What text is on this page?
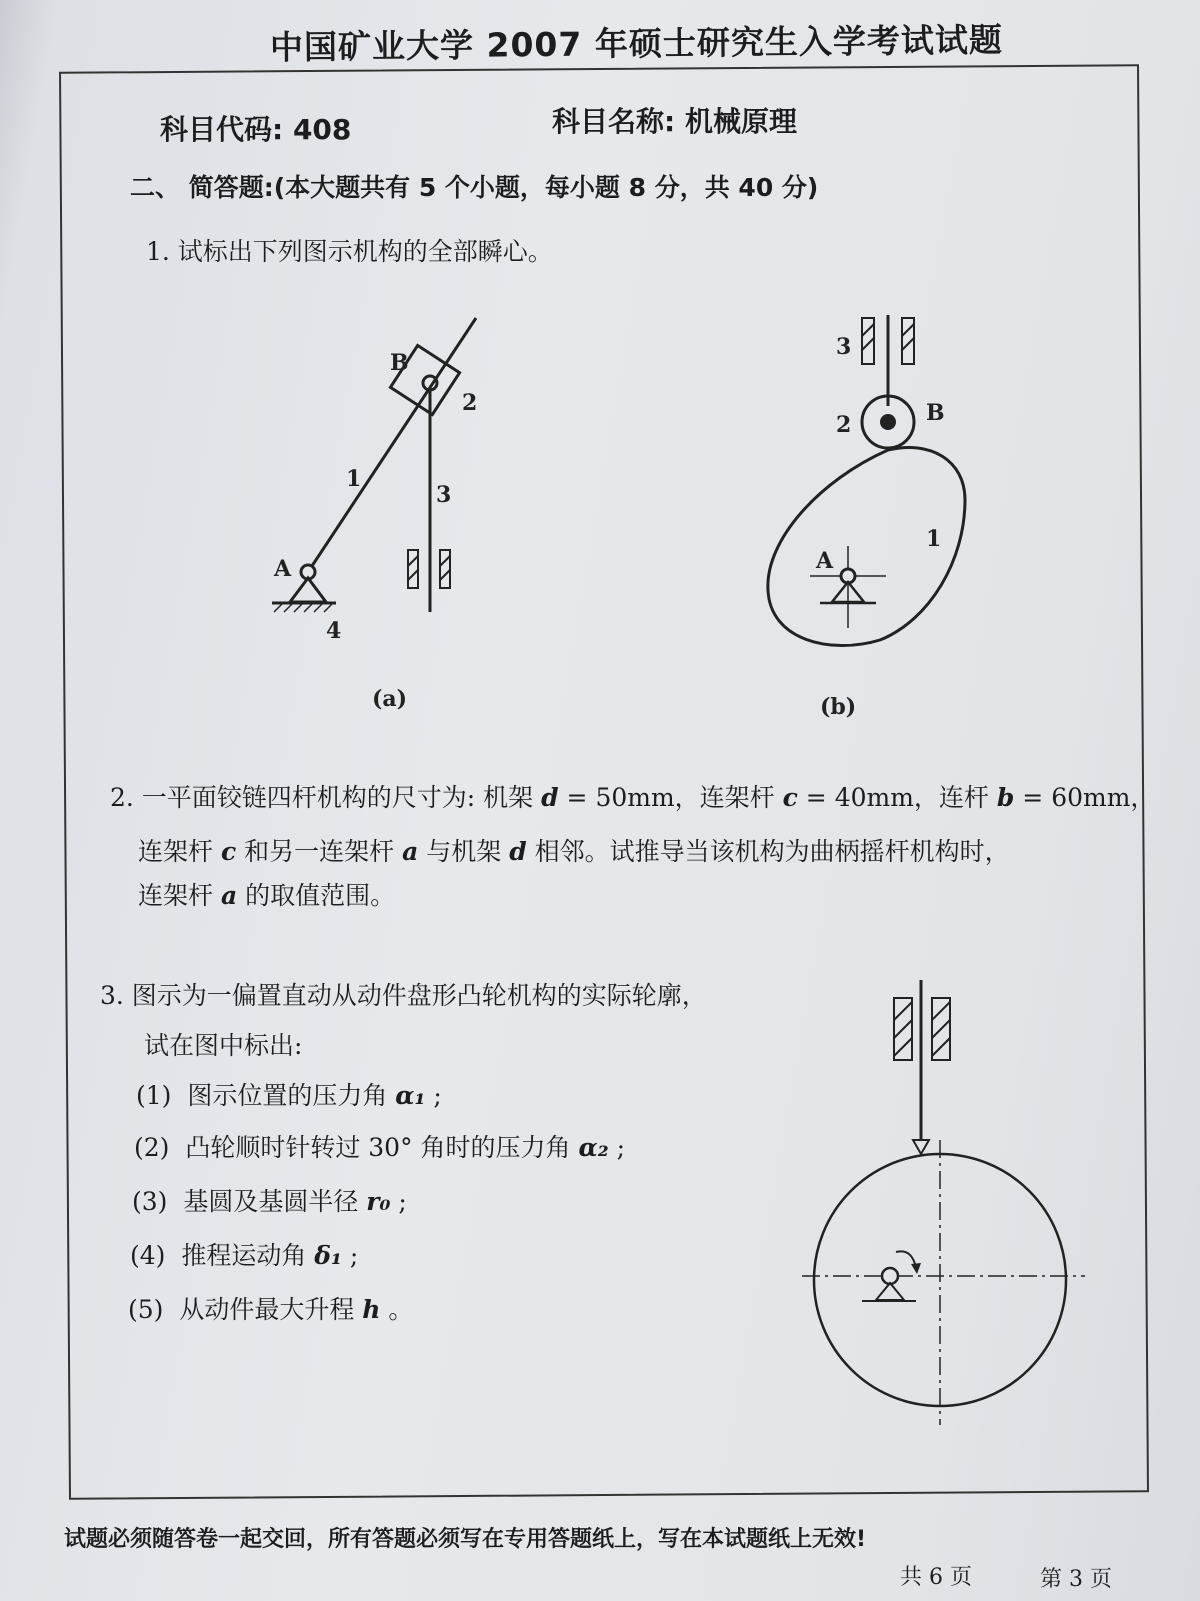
中国矿业大学 2007 年硕士研究生入学考试试题
科目代码: 408	科目名称: 机械原理
二、 简答题:(本大题共有 5 个小题，每小题 8 分，共 40 分)
1. 试标出下列图示机构的全部瞬心。
B
2
1
3
A
4
(a)
3
2	B
1
A
(b)
2. 一平面铰链四杆机构的尺寸为: 机架 d = 50mm，连架杆 c = 40mm，连杆 b = 60mm，
连架杆 c 和另一连架杆 a 与机架 d 相邻。试推导当该机构为曲柄摇杆机构时，
连架杆 a 的取值范围。
3. 图示为一偏置直动从动件盘形凸轮机构的实际轮廓，
试在图中标出:
(1) 图示位置的压力角 α₁ ;
(2) 凸轮顺时针转过 30° 角时的压力角 α₂ ;
(3) 基圆及基圆半径 r₀ ;
(4) 推程运动角 δ₁ ;
(5) 从动件最大升程 h 。
试题必须随答卷一起交回，所有答题必须写在专用答题纸上，写在本试题纸上无效!
共 6 页	第 3 页
